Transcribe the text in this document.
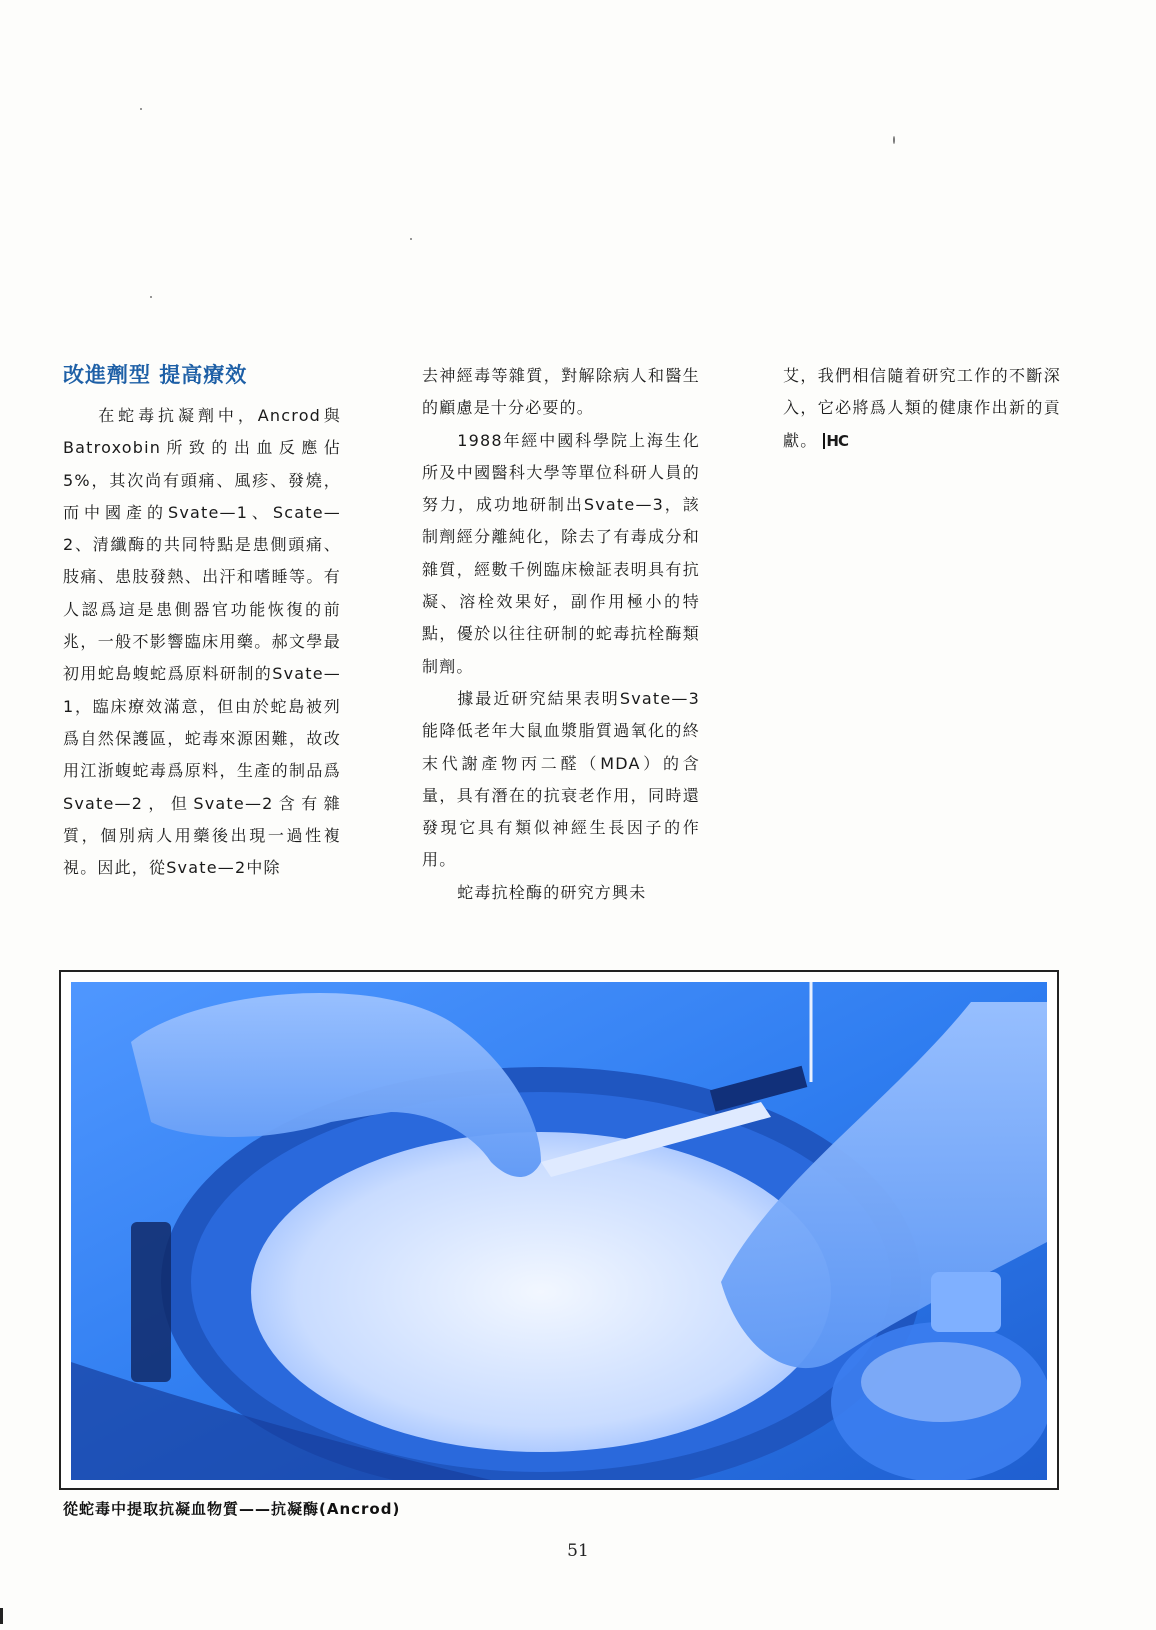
改進劑型 提高療效

在蛇毒抗凝劑中，Ancrod與Batroxobin所致的出血反應佔5%，其次尚有頭痛、風疹、發燒，而中國產的Svate—1、Scate—2、清纖酶的共同特點是患側頭痛、肢痛、患肢發熱、出汗和嗜睡等。有人認爲這是患側器官功能恢復的前兆，一般不影響臨床用藥。郝文學最初用蛇島蝮蛇爲原料研制的Svate—1，臨床療效滿意，但由於蛇島被列爲自然保護區，蛇毒來源困難，故改用江浙蝮蛇毒爲原料，生產的制品爲Svate—2，但Svate—2含有雜質，個別病人用藥後出現一過性複視。因此，從Svate—2中除

去神經毒等雜質，對解除病人和醫生的顧慮是十分必要的。

1988年經中國科學院上海生化所及中國醫科大學等單位科研人員的努力，成功地研制出Svate—3，該制劑經分離純化，除去了有毒成分和雜質，經數千例臨床檢証表明具有抗凝、溶栓效果好，副作用極小的特點，優於以往往研制的蛇毒抗栓酶類制劑。

據最近研究結果表明Svate—3能降低老年大鼠血漿脂質過氧化的終末代謝產物丙二醛（MDA）的含量，具有潛在的抗衰老作用，同時還發現它具有類似神經生長因子的作用。

蛇毒抗栓酶的研究方興未

艾，我們相信隨着研究工作的不斷深入，它必將爲人類的健康作出新的貢獻。 HC

從蛇毒中提取抗凝血物質——抗凝酶(Ancrod)
51
